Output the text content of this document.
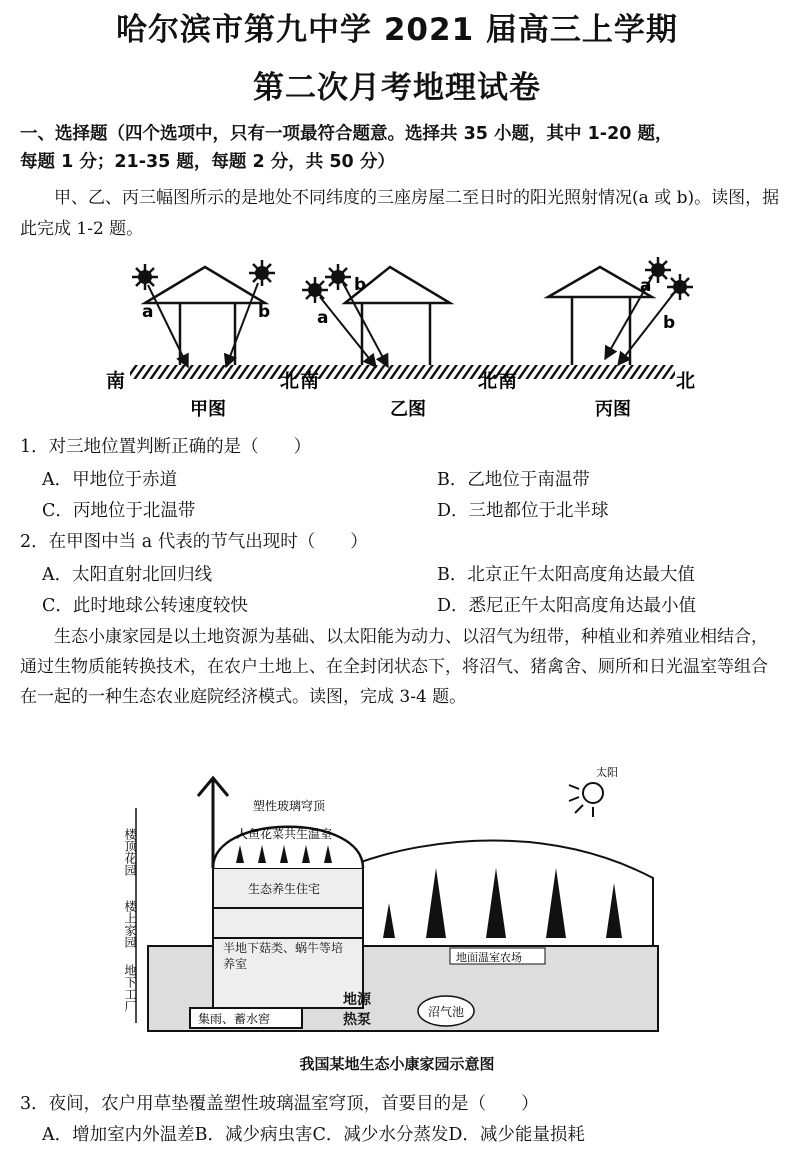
哈尔滨市第九中学 2021 届高三上学期
第二次月考地理试卷
一、选择题（四个选项中，只有一项最符合题意。选择共 35 小题，其中 1-20 题，
每题 1 分；21-35 题，每题 2 分，共 50 分）
甲、乙、丙三幅图所示的是地处不同纬度的三座房屋二至日时的阳光照射情况(a 或 b)。读图，据此完成 1-2 题。
a	b
南	北
甲图
b
a
南	北
乙图
a
b
南	北
丙图
1．对三地位置判断正确的是（　　）
A．甲地位于赤道	B．乙地位于南温带
C．丙地位于北温带	D．三地都位于北半球
2．在甲图中当 a 代表的节气出现时（　　）
A．太阳直射北回归线	B．北京正午太阳高度角达最大值
C．此时地球公转速度较快	D．悉尼正午太阳高度角达最小值
生态小康家园是以土地资源为基础、以太阳能为动力、以沼气为纽带，种植业和养殖业相结合，通过生物质能转换技术，在农户土地上、在全封闭状态下，将沼气、猪禽舍、厕所和日光温室等组合在一起的一种生态农业庭院经济模式。读图，完成 3-4 题。
太阳
楼顶花园
楼上家园
地下工厂
塑性玻璃穹顶
人鱼花菜共生温室
生态养生住宅
半地下菇类、蜗牛等培养室
集雨、蓄水窖
地源热泵	沼气池
地面温室农场
我国某地生态小康家园示意图
3．夜间，农户用草垫覆盖塑性玻璃温室穹顶，首要目的是（　　）
A．增加室内外温差B．减少病虫害C．减少水分蒸发D．减少能量损耗
